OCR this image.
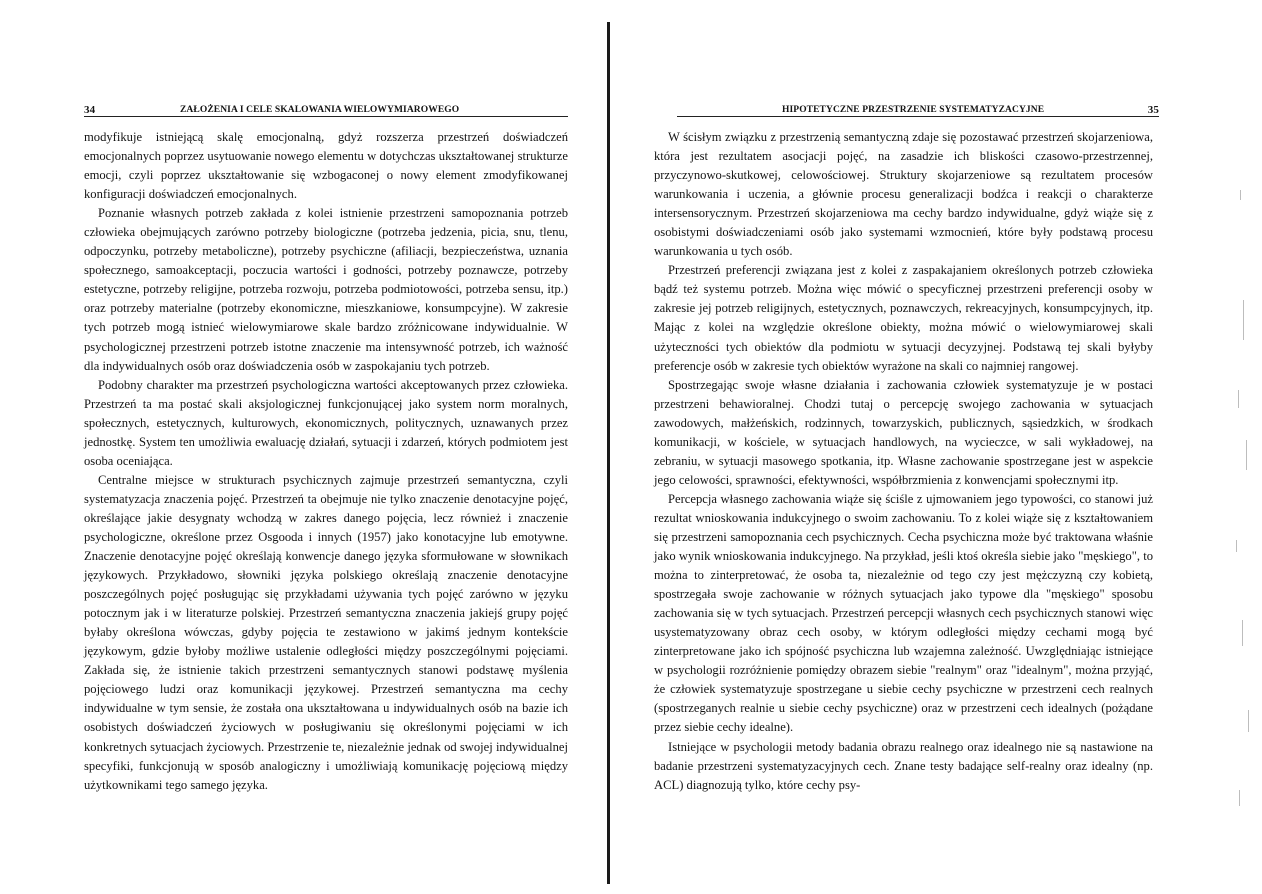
34	ZAŁOŻENIA I CELE SKALOWANIA WIELOWYMIAROWEGO

modyfikuje istniejącą skalę emocjonalną, gdyż rozszerza przestrzeń doświadczeń emocjonalnych poprzez usytuowanie nowego elementu w dotychczas ukształtowanej strukturze emocji, czyli poprzez ukształtowanie się wzbogaconej o nowy element zmodyfikowanej konfiguracji doświadczeń emocjonalnych.

Poznanie własnych potrzeb zakłada z kolei istnienie przestrzeni samopoznania potrzeb człowieka obejmujących zarówno potrzeby biologiczne (potrzeba jedzenia, picia, snu, tlenu, odpoczynku, potrzeby metaboliczne), potrzeby psychiczne (afiliacji, bezpieczeństwa, uznania społecznego, samoakceptacji, poczucia wartości i godności, potrzeby poznawcze, potrzeby estetyczne, potrzeby religijne, potrzeba rozwoju, potrzeba podmiotowości, potrzeba sensu, itp.) oraz potrzeby materialne (potrzeby ekonomiczne, mieszkaniowe, konsumpcyjne). W zakresie tych potrzeb mogą istnieć wielowymiarowe skale bardzo zróżnicowane indywidualnie. W psychologicznej przestrzeni potrzeb istotne znaczenie ma intensywność potrzeb, ich ważność dla indywidualnych osób oraz doświadczenia osób w zaspokajaniu tych potrzeb.

Podobny charakter ma przestrzeń psychologiczna wartości akceptowanych przez człowieka. Przestrzeń ta ma postać skali aksjologicznej funkcjonującej jako system norm moralnych, społecznych, estetycznych, kulturowych, ekonomicznych, politycznych, uznawanych przez jednostkę. System ten umożliwia ewaluację działań, sytuacji i zdarzeń, których podmiotem jest osoba oceniająca.

Centralne miejsce w strukturach psychicznych zajmuje przestrzeń semantyczna, czyli systematyzacja znaczenia pojęć. Przestrzeń ta obejmuje nie tylko znaczenie denotacyjne pojęć, określające jakie desygnaty wchodzą w zakres danego pojęcia, lecz również i znaczenie psychologiczne, określone przez Osgooda i innych (1957) jako konotacyjne lub emotywne. Znaczenie denotacyjne pojęć określają konwencje danego języka sformułowane w słownikach językowych. Przykładowo, słowniki języka polskiego określają znaczenie denotacyjne poszczególnych pojęć posługując się przykładami używania tych pojęć zarówno w języku potocznym jak i w literaturze polskiej. Przestrzeń semantyczna znaczenia jakiejś grupy pojęć byłaby określona wówczas, gdyby pojęcia te zestawiono w jakimś jednym kontekście językowym, gdzie byłoby możliwe ustalenie odległości między poszczególnymi pojęciami. Zakłada się, że istnienie takich przestrzeni semantycznych stanowi podstawę myślenia pojęciowego ludzi oraz komunikacji językowej. Przestrzeń semantyczna ma cechy indywidualne w tym sensie, że została ona ukształtowana u indywidualnych osób na bazie ich osobistych doświadczeń życiowych w posługiwaniu się określonymi pojęciami w ich konkretnych sytuacjach życiowych. Przestrzenie te, niezależnie jednak od swojej indywidualnej specyfiki, funkcjonują w sposób analogiczny i umożliwiają komunikację pojęciową między użytkownikami tego samego języka.

HIPOTETYCZNE PRZESTRZENIE SYSTEMATYZACYJNE	35

W ścisłym związku z przestrzenią semantyczną zdaje się pozostawać przestrzeń skojarzeniowa, która jest rezultatem asocjacji pojęć, na zasadzie ich bliskości czasowo-przestrzennej, przyczynowo-skutkowej, celowościowej. Struktury skojarzeniowe są rezultatem procesów warunkowania i uczenia, a głównie procesu generalizacji bodźca i reakcji o charakterze intersensorycznym. Przestrzeń skojarzeniowa ma cechy bardzo indywidualne, gdyż wiąże się z osobistymi doświadczeniami osób jako systemami wzmocnień, które były podstawą procesu warunkowania u tych osób.

Przestrzeń preferencji związana jest z kolei z zaspakajaniem określonych potrzeb człowieka bądź też systemu potrzeb. Można więc mówić o specyficznej przestrzeni preferencji osoby w zakresie jej potrzeb religijnych, estetycznych, poznawczych, rekreacyjnych, konsumpcyjnych, itp. Mając z kolei na względzie określone obiekty, można mówić o wielowymiarowej skali użyteczności tych obiektów dla podmiotu w sytuacji decyzyjnej. Podstawą tej skali byłyby preferencje osób w zakresie tych obiektów wyrażone na skali co najmniej rangowej.

Spostrzegając swoje własne działania i zachowania człowiek systematyzuje je w postaci przestrzeni behawioralnej. Chodzi tutaj o percepcję swojego zachowania w sytuacjach zawodowych, małżeńskich, rodzinnych, towarzyskich, publicznych, sąsiedzkich, w środkach komunikacji, w kościele, w sytuacjach handlowych, na wycieczce, w sali wykładowej, na zebraniu, w sytuacji masowego spotkania, itp. Własne zachowanie spostrzegane jest w aspekcie jego celowości, sprawności, efektywności, współbrzmienia z konwencjami społecznymi itp.

Percepcja własnego zachowania wiąże się ściśle z ujmowaniem jego typowości, co stanowi już rezultat wnioskowania indukcyjnego o swoim zachowaniu. To z kolei wiąże się z kształtowaniem się przestrzeni samopoznania cech psychicznych. Cecha psychiczna może być traktowana właśnie jako wynik wnioskowania indukcyjnego. Na przykład, jeśli ktoś określa siebie jako "męskiego", to można to zinterpretować, że osoba ta, niezależnie od tego czy jest mężczyzną czy kobietą, spostrzegała swoje zachowanie w różnych sytuacjach jako typowe dla "męskiego" sposobu zachowania się w tych sytuacjach. Przestrzeń percepcji własnych cech psychicznych stanowi więc usystematyzowany obraz cech osoby, w którym odległości między cechami mogą być zinterpretowane jako ich spójność psychiczna lub wzajemna zależność. Uwzględniając istniejące w psychologii rozróżnienie pomiędzy obrazem siebie "realnym" oraz "idealnym", można przyjąć, że człowiek systematyzuje spostrzegane u siebie cechy psychiczne w przestrzeni cech realnych (spostrzeganych realnie u siebie cechy psychiczne) oraz w przestrzeni cech idealnych (pożądane przez siebie cechy idealne).

Istniejące w psychologii metody badania obrazu realnego oraz idealnego nie są nastawione na badanie przestrzeni systematyzacyjnych cech. Znane testy badające self-realny oraz idealny (np. ACL) diagnozują tylko, które cechy psy-
